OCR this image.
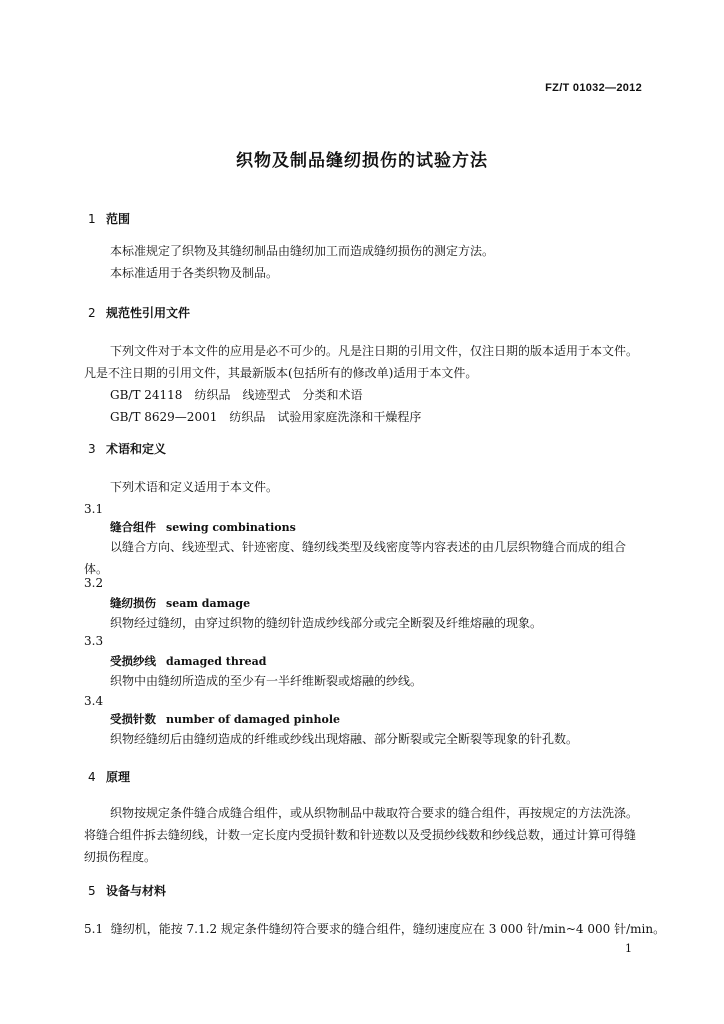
FZ/T 01032—2012
织物及制品缝纫损伤的试验方法
1 范围
本标准规定了织物及其缝纫制品由缝纫加工而造成缝纫损伤的测定方法。
本标准适用于各类织物及制品。
2 规范性引用文件
下列文件对于本文件的应用是必不可少的。凡是注日期的引用文件，仅注日期的版本适用于本文件。凡是不注日期的引用文件，其最新版本(包括所有的修改单)适用于本文件。
GB/T 24118　纺织品　线迹型式　分类和术语
GB/T 8629—2001　纺织品　试验用家庭洗涤和干燥程序
3 术语和定义
下列术语和定义适用于本文件。
3.1
缝合组件 sewing combinations
以缝合方向、线迹型式、针迹密度、缝纫线类型及线密度等内容表述的由几层织物缝合而成的组合体。
3.2
缝纫损伤 seam damage
织物经过缝纫，由穿过织物的缝纫针造成纱线部分或完全断裂及纤维熔融的现象。
3.3
受损纱线 damaged thread
织物中由缝纫所造成的至少有一半纤维断裂或熔融的纱线。
3.4
受损针数 number of damaged pinhole
织物经缝纫后由缝纫造成的纤维或纱线出现熔融、部分断裂或完全断裂等现象的针孔数。
4 原理
织物按规定条件缝合成缝合组件，或从织物制品中裁取符合要求的缝合组件，再按规定的方法洗涤。将缝合组件拆去缝纫线，计数一定长度内受损针数和针迹数以及受损纱线数和纱线总数，通过计算可得缝纫损伤程度。
5 设备与材料
5.1 缝纫机，能按 7.1.2 规定条件缝纫符合要求的缝合组件，缝纫速度应在 3 000 针/min~4 000 针/min。
1
